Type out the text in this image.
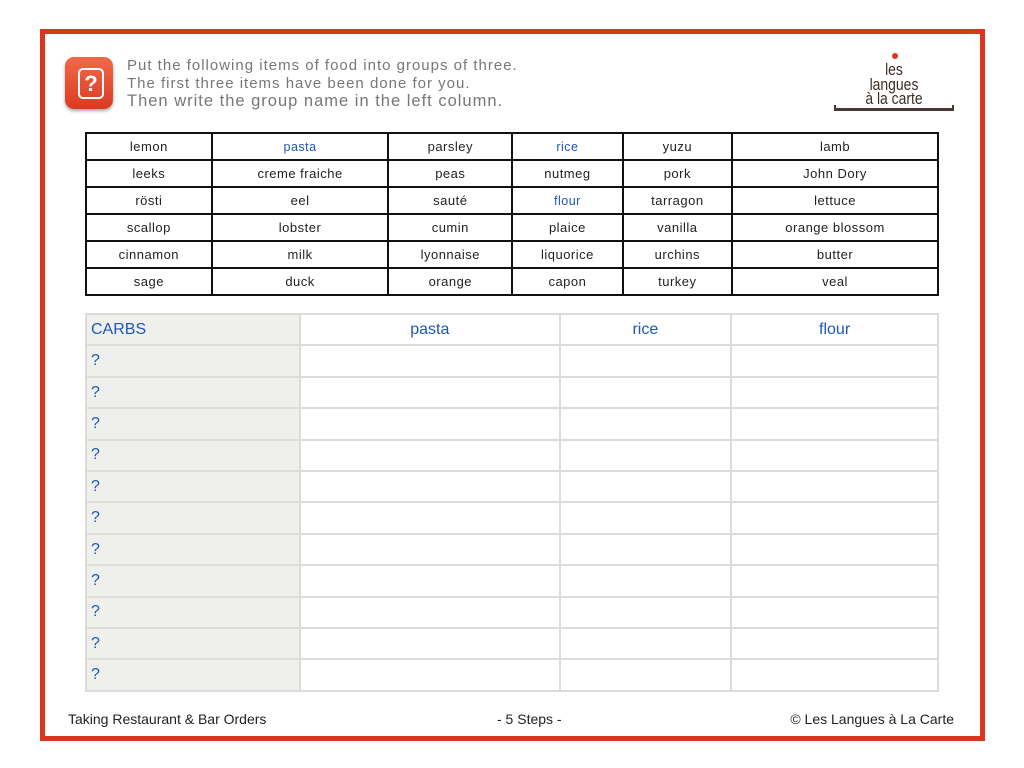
?
Put the following items of food into groups of three.
The first three items have been done for you.
Then write the group name in the left column.
les
langues
à la carte
lemon	pasta	parsley	rice	yuzu	lamb
leeks	creme fraiche	peas	nutmeg	pork	John Dory
rösti	eel	sauté	flour	tarragon	lettuce
scallop	lobster	cumin	plaice	vanilla	orange blossom
cinnamon	milk	lyonnaise	liquorice	urchins	butter
sage	duck	orange	capon	turkey	veal
CARBS	pasta	rice	flour
?			
?			
?			
?			
?			
?			
?			
?			
?			
?			
?			
Taking Restaurant & Bar Orders	- 5 Steps -	© Les Langues à La Carte
